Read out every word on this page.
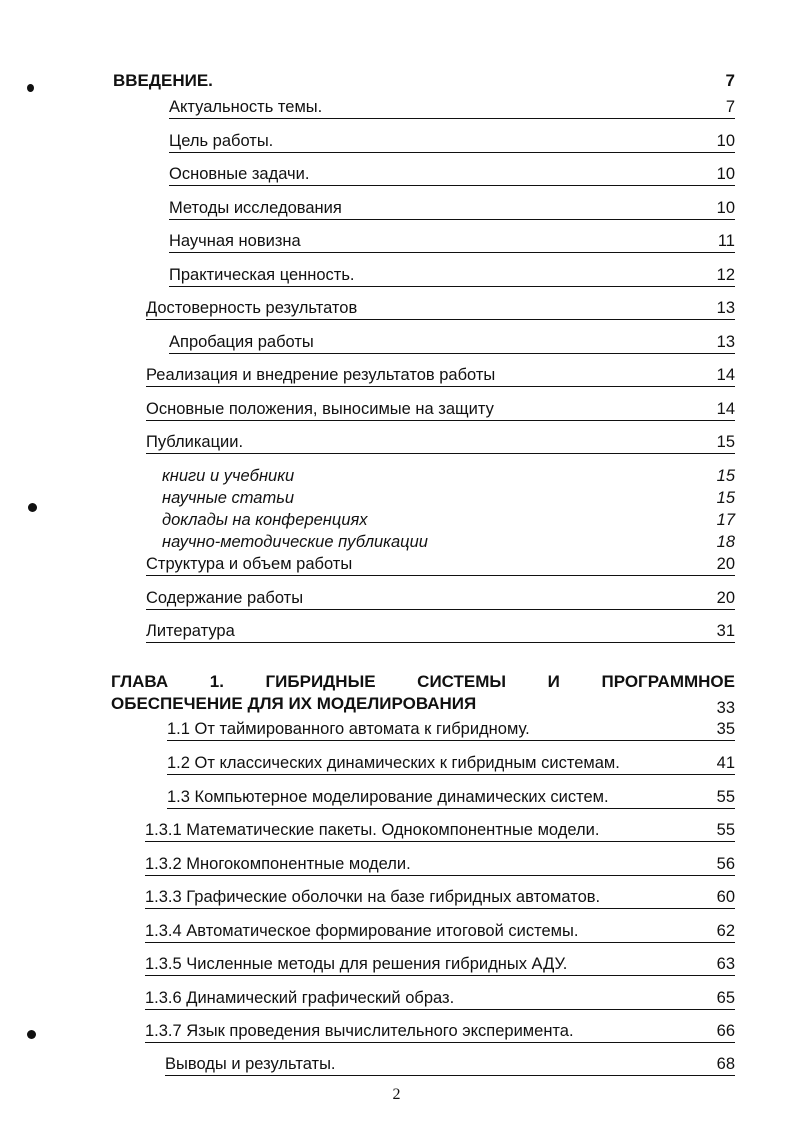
ВВЕДЕНИЕ.	7
Актуальность темы.	7
Цель работы.	10
Основные задачи.	10
Методы исследования	10
Научная новизна	11
Практическая ценность.	12
Достоверность результатов	13
Апробация работы	13
Реализация и внедрение результатов работы	14
Основные положения, выносимые на защиту	14
Публикации.	15
книги и учебники	15
научные статьи	15
доклады на конференциях	17
научно-методические публикации	18
Структура и объем работы	20
Содержание работы	20
Литература	31
ГЛАВА 1. ГИБРИДНЫЕ СИСТЕМЫ И ПРОГРАММНОЕ
ОБЕСПЕЧЕНИЕ ДЛЯ ИХ МОДЕЛИРОВАНИЯ	33
1.1 От таймированного автомата к гибридному.	35
1.2 От классических динамических к гибридным системам.	41
1.3 Компьютерное моделирование динамических систем.	55
1.3.1 Математические пакеты. Однокомпонентные модели.	55
1.3.2 Многокомпонентные модели.	56
1.3.3 Графические оболочки на базе гибридных автоматов.	60
1.3.4 Автоматическое формирование итоговой системы.	62
1.3.5 Численные методы для решения гибридных АДУ.	63
1.3.6 Динамический графический образ.	65
1.3.7 Язык проведения вычислительного эксперимента.	66
Выводы и результаты.	68
2
